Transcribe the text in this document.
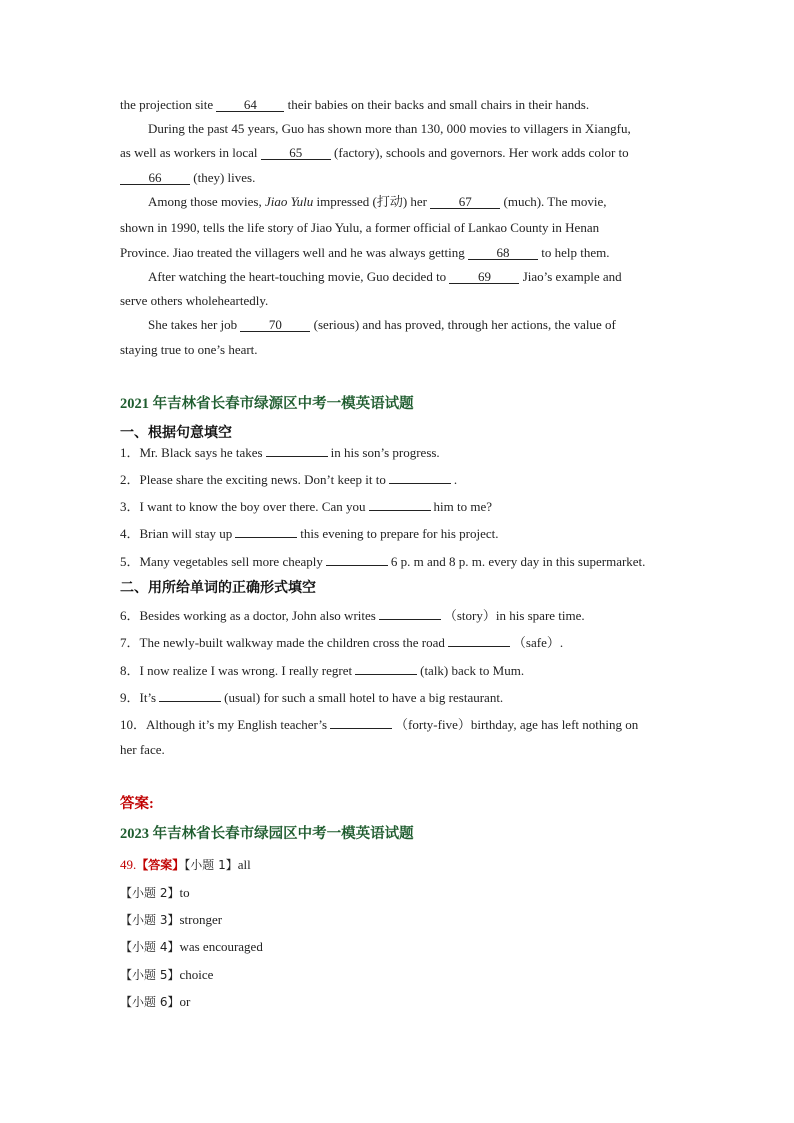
the projection site 64 their babies on their backs and small chairs in their hands.
During the past 45 years, Guo has shown more than 130, 000 movies to villagers in Xiangfu,
as well as workers in local 65 (factory), schools and governors. Her work adds color to
66 (they) lives.
Among those movies, Jiao Yulu impressed (打动) her 67 (much). The movie,
shown in 1990, tells the life story of Jiao Yulu, a former official of Lankao County in Henan
Province. Jiao treated the villagers well and he was always getting 68 to help them.
After watching the heart-touching movie, Guo decided to 69 Jiao’s example and
serve others wholeheartedly.
She takes her job 70 (serious) and has proved, through her actions, the value of
staying true to one’s heart.
2021 年吉林省长春市绿源区中考一模英语试题
一、根据句意填空
1．Mr. Black says he takes	in his son’s progress.
2．Please share the exciting news. Don’t keep it to	.
3．I want to know the boy over there. Can you	him to me?
4．Brian will stay up	this evening to prepare for his project.
5．Many vegetables sell more cheaply	6 p. m and 8 p. m. every day in this supermarket.
二、用所给单词的正确形式填空
6．Besides working as a doctor, John also writes	（story）in his spare time.
7．The newly-built walkway made the children cross the road	（safe）.
8．I now realize I was wrong. I really regret	(talk) back to Mum.
9．It’s	(usual) for such a small hotel to have a big restaurant.
10．Although it’s my English teacher’s	（forty-five）birthday, age has left nothing on
her face.
答案:
2023 年吉林省长春市绿园区中考一模英语试题
49.【答案】【小题 1】all
【小题 2】to
【小题 3】stronger
【小题 4】was encouraged
【小题 5】choice
【小题 6】or
